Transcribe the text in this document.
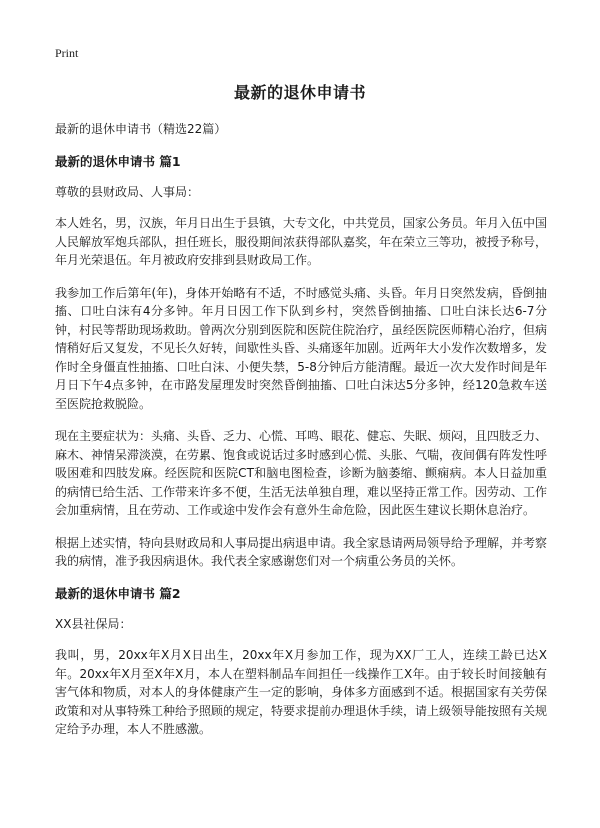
Print
最新的退休申请书

最新的退休申请书（精选22篇）

最新的退休申请书 篇1

尊敬的县财政局、人事局：

本人姓名，男，汉族，年月日出生于县镇，大专文化，中共党员，国家公务员。年月入伍中国人民解放军炮兵部队，担任班长，服役期间浓获得部队嘉奖，年在荣立三等功，被授予称号，年月光荣退伍。年月被政府安排到县财政局工作。

我参加工作后第年(年)，身体开始略有不适，不时感觉头痛、头昏。年月日突然发病，昏倒抽搐、口吐白沫有4分多钟。年月日因工作下队到乡村，突然昏倒抽搐、口吐白沫长达6-7分钟，村民等帮助现场救助。曾两次分别到医院和医院住院治疗，虽经医院医师精心治疗，但病情稍好后又复发，不见长久好转，间歇性头昏、头痛逐年加剧。近两年大小发作次数增多，发作时全身僵直性抽搐、口吐白沫、小便失禁，5-8分钟后方能清醒。最近一次大发作时间是年月日下午4点多钟，在市路发屋理发时突然昏倒抽搐、口吐白沫达5分多钟，经120急救车送至医院抢救脱险。

现在主要症状为：头痛、头昏、乏力、心慌、耳鸣、眼花、健忘、失眠、烦闷，且四肢乏力、麻木、神情呆滞淡漠，在劳累、饱食或说话过多时感到心慌、头胀、气喘，夜间偶有阵发性呼吸困难和四肢发麻。经医院和医院CT和脑电图检查，诊断为脑萎缩、颤痫病。本人日益加重的病情已给生活、工作带来许多不便，生活无法单独自理，难以坚持正常工作。因劳动、工作会加重病情，且在劳动、工作或途中发作会有意外生命危险，因此医生建议长期休息治疗。

根据上述实情，特向县财政局和人事局提出病退申请。我全家恳请两局领导给予理解，并考察我的病情，准予我因病退休。我代表全家感谢您们对一个病重公务员的关怀。

最新的退休申请书 篇2

XX县社保局：

我叫，男，20xx年X月X日出生，20xx年X月参加工作，现为XX厂工人，连续工龄已达X年。20xx年X月至X年X月，本人在塑料制品车间担任一线操作工X年。由于较长时间接触有害气体和物质，对本人的身体健康产生一定的影响，身体多方面感到不适。根据国家有关劳保政策和对从事特殊工种给予照顾的规定，特要求提前办理退休手续，请上级领导能按照有关规定给予办理，本人不胜感激。
